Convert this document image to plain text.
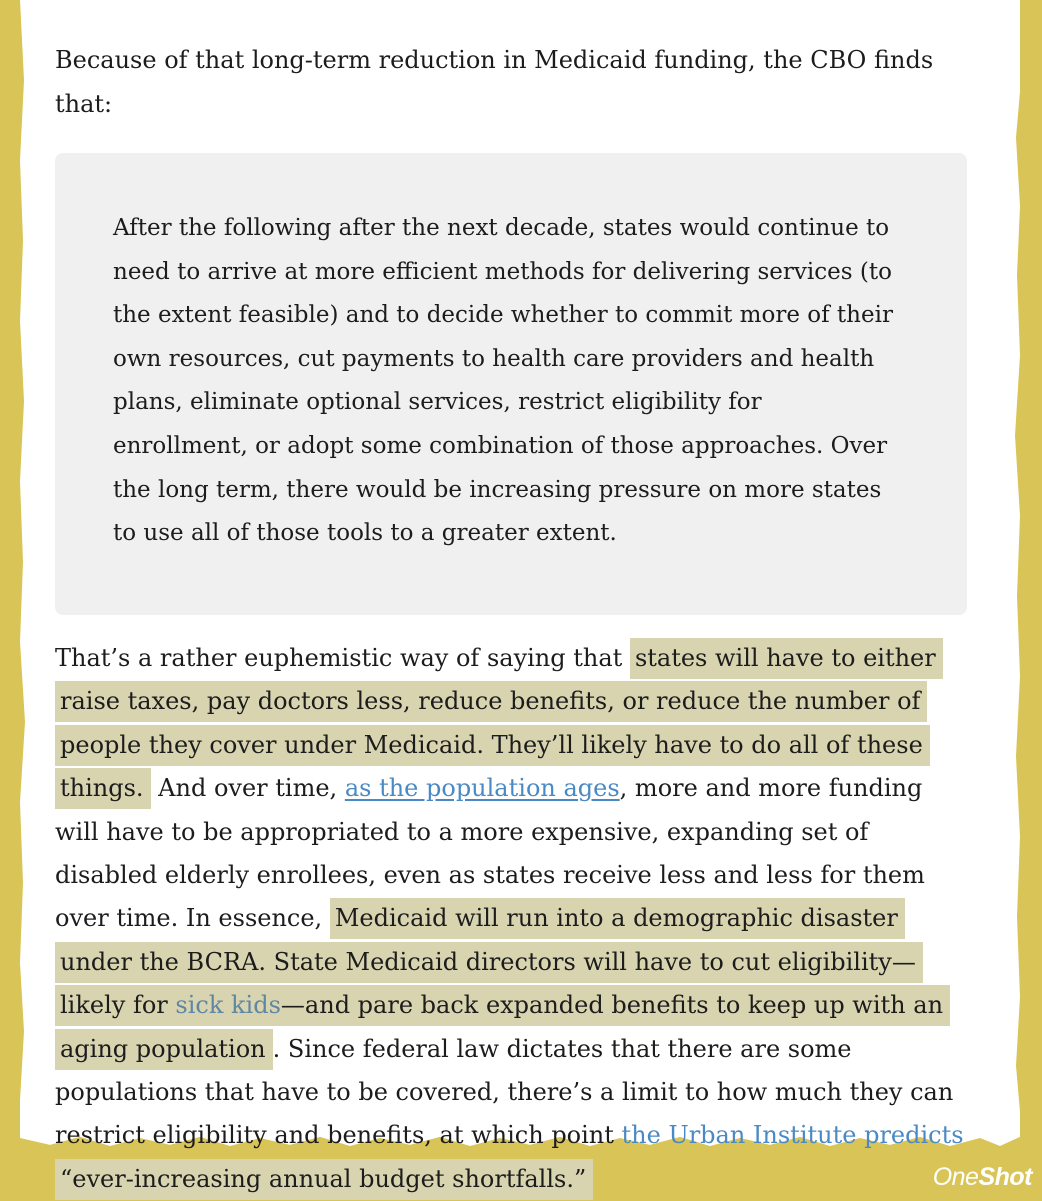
Because of that long-term reduction in Medicaid funding, the CBO finds that:

After the following after the next decade, states would continue to need to arrive at more efficient methods for delivering services (to the extent feasible) and to decide whether to commit more of their own resources, cut payments to health care providers and health plans, eliminate optional services, restrict eligibility for enrollment, or adopt some combination of those approaches. Over the long term, there would be increasing pressure on more states to use all of those tools to a greater extent.

That’s a rather euphemistic way of saying that states will have to either raise taxes, pay doctors less, reduce benefits, or reduce the number of people they cover under Medicaid. They’ll likely have to do all of these things. And over time, as the population ages, more and more funding will have to be appropriated to a more expensive, expanding set of disabled elderly enrollees, even as states receive less and less for them over time. In essence, Medicaid will run into a demographic disaster under the BCRA. State Medicaid directors will have to cut eligibility—likely for sick kids—and pare back expanded benefits to keep up with an aging population . Since federal law dictates that there are some populations that have to be covered, there’s a limit to how much they can restrict eligibility and benefits, at which point the Urban Institute predicts “ever-increasing annual budget shortfalls.”	OneShot
